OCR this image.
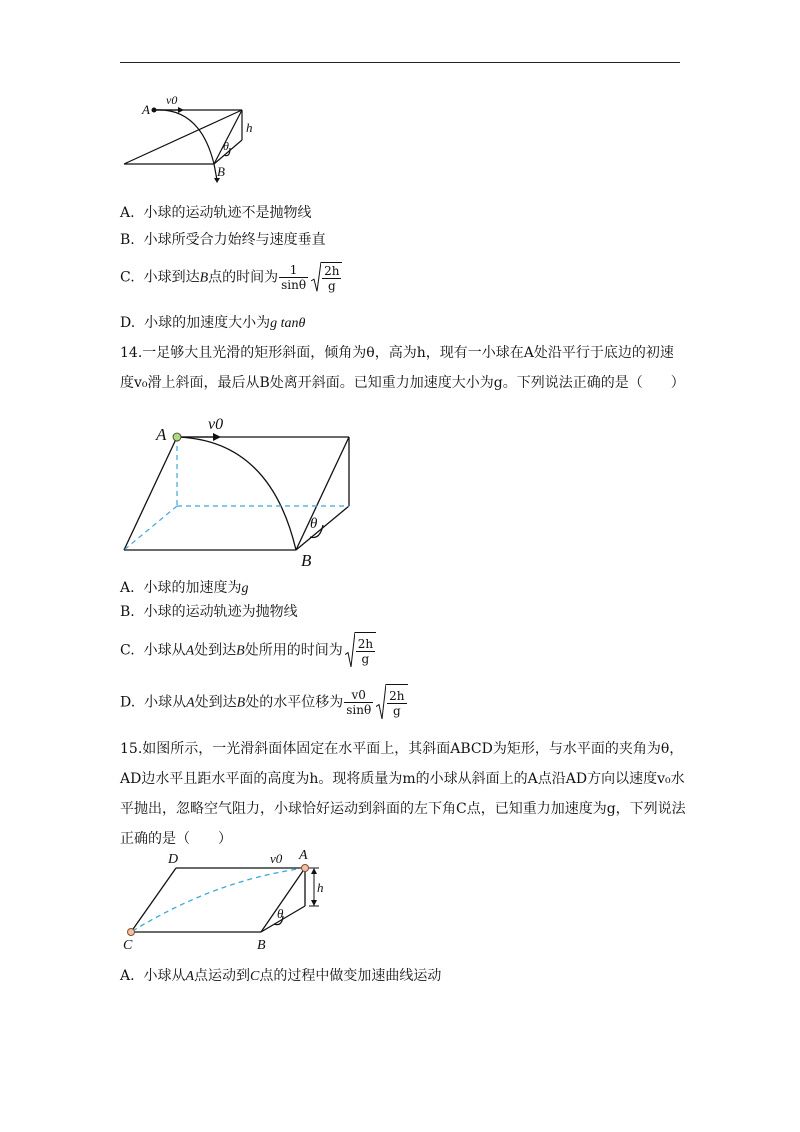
A
v0
h
θ
B
A. 小球的运动轨迹不是抛物线
B. 小球所受合力始终与速度垂直
C. 小球到达B点的时间为 $\frac{1}{\sin\theta} \frac{2h}{g}$
D. 小球的加速度大小为g tanθ
14.一足够大且光滑的矩形斜面，倾角为θ，高为h，现有一小球在A处沿平行于底边的初速度v₀滑上斜面，最后从B处离开斜面。已知重力加速度大小为g。下列说法正确的是（　　）
A
v0
θ
B
A. 小球的加速度为g
B. 小球的运动轨迹为抛物线
C. 小球从A处到达B处所用的时间为 $\frac{2h}{g}$
D. 小球从A处到达B处的水平位移为 $\frac{v0}{\sin\theta} \frac{2h}{g}$
15.如图所示，一光滑斜面体固定在水平面上，其斜面ABCD为矩形，与水平面的夹角为θ，AD边水平且距水平面的高度为h。现将质量为m的小球从斜面上的A点沿AD方向以速度v₀水平抛出，忽略空气阻力，小球恰好运动到斜面的左下角C点，已知重力加速度为g，下列说法正确的是（　　）
D	v0 A
h
θ
C	B
A. 小球从A点运动到C点的过程中做变加速曲线运动
